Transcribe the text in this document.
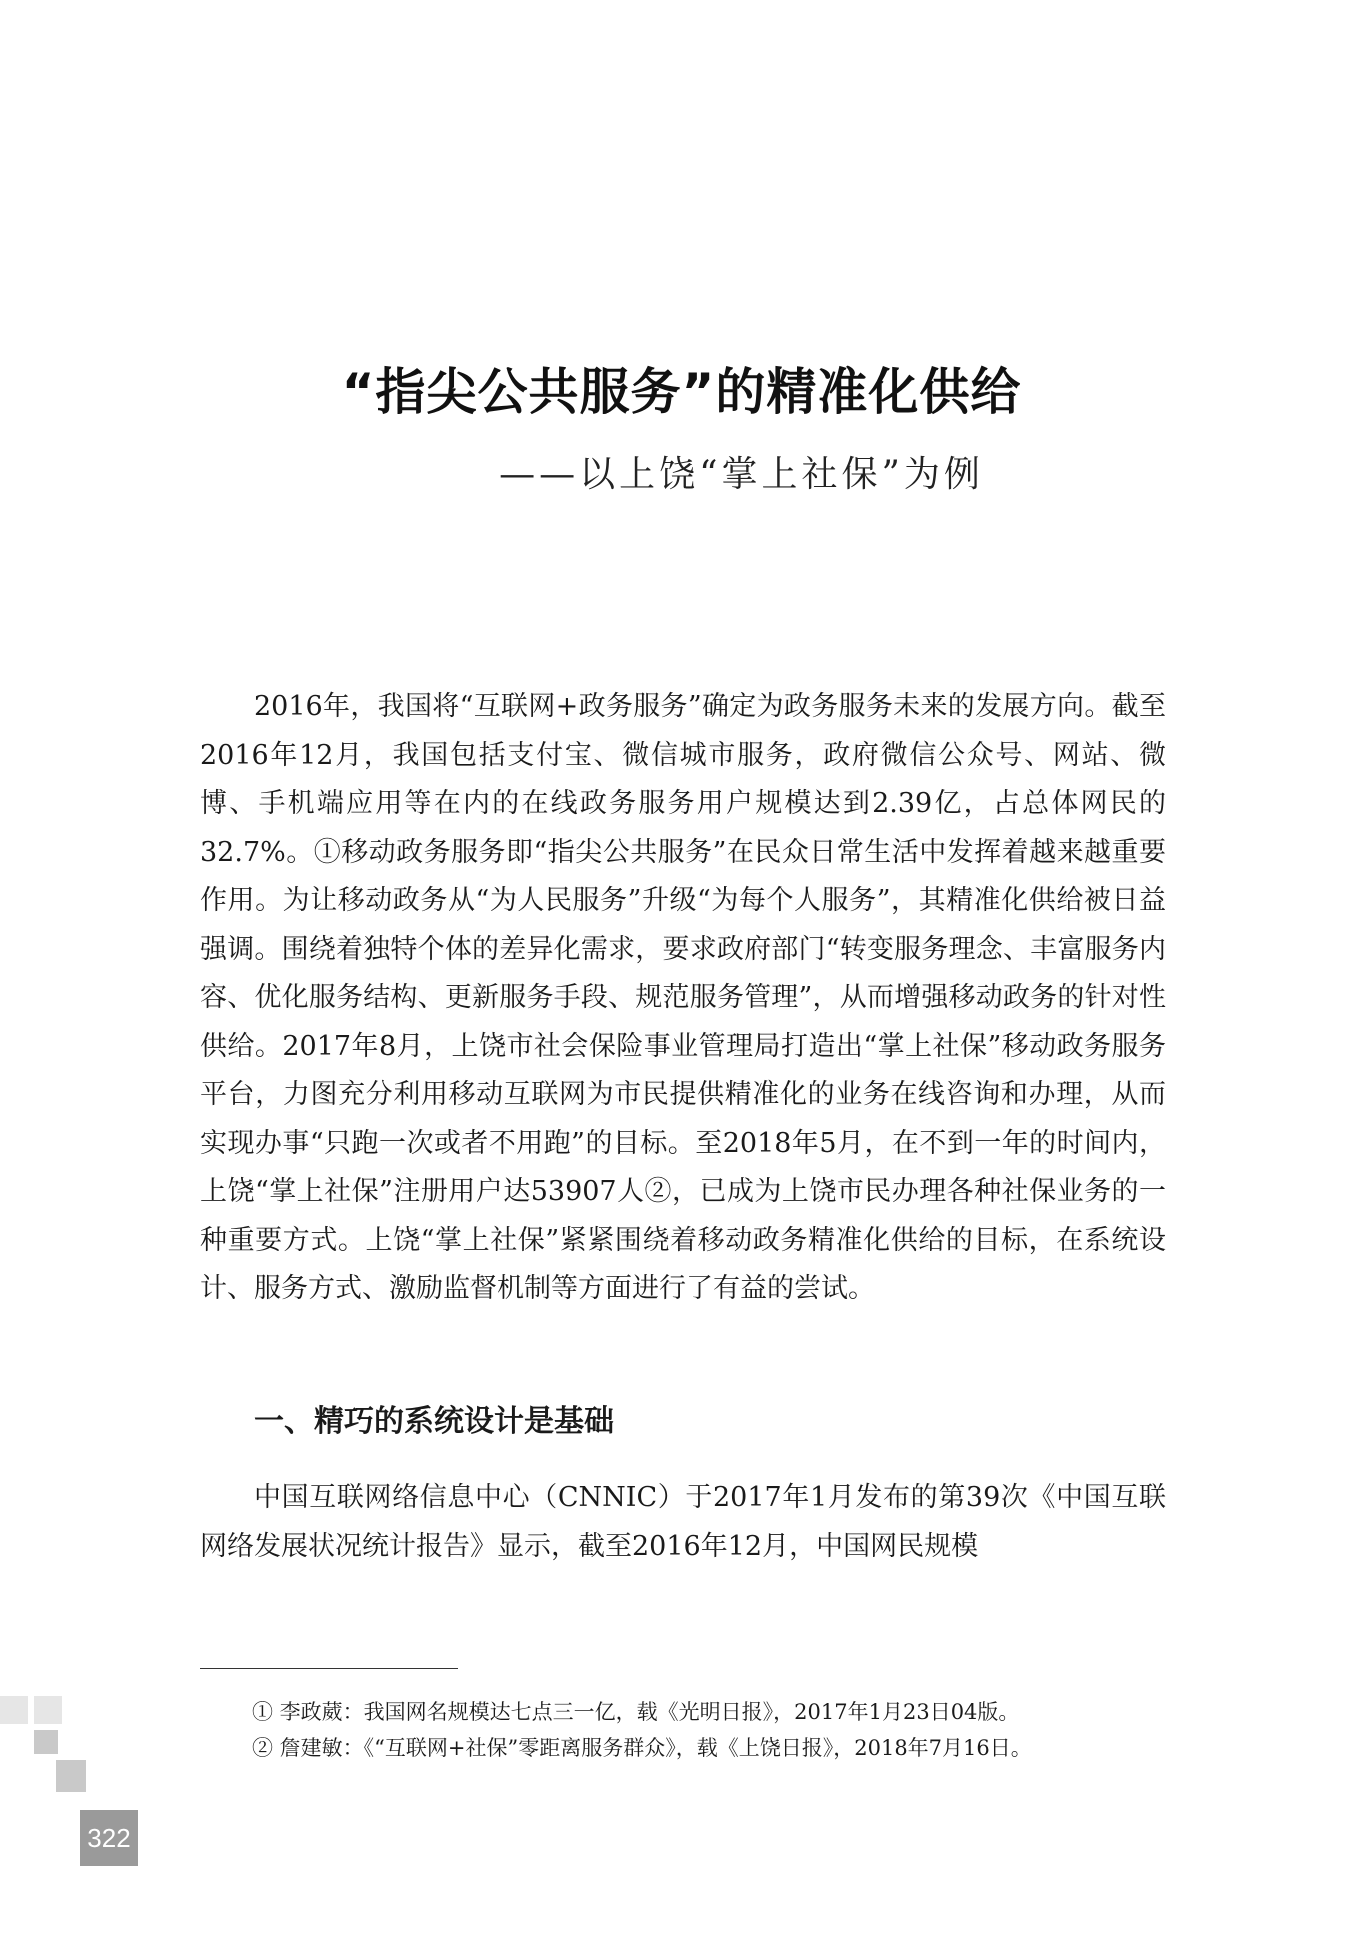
“指尖公共服务”的精准化供给
——以上饶“掌上社保”为例

2016年，我国将“互联网+政务服务”确定为政务服务未来的发展方向。截至2016年12月，我国包括支付宝、微信城市服务，政府微信公众号、网站、微博、手机端应用等在内的在线政务服务用户规模达到2.39亿，占总体网民的32.7%。①移动政务服务即“指尖公共服务”在民众日常生活中发挥着越来越重要作用。为让移动政务从“为人民服务”升级“为每个人服务”，其精准化供给被日益强调。围绕着独特个体的差异化需求，要求政府部门“转变服务理念、丰富服务内容、优化服务结构、更新服务手段、规范服务管理”，从而增强移动政务的针对性供给。2017年8月，上饶市社会保险事业管理局打造出“掌上社保”移动政务服务平台，力图充分利用移动互联网为市民提供精准化的业务在线咨询和办理，从而实现办事“只跑一次或者不用跑”的目标。至2018年5月，在不到一年的时间内，上饶“掌上社保”注册用户达53907人②，已成为上饶市民办理各种社保业务的一种重要方式。上饶“掌上社保”紧紧围绕着移动政务精准化供给的目标，在系统设计、服务方式、激励监督机制等方面进行了有益的尝试。

一、精巧的系统设计是基础

中国互联网络信息中心（CNNIC）于2017年1月发布的第39次《中国互联网络发展状况统计报告》显示，截至2016年12月，中国网民规模

① 李政葳：我国网名规模达七点三一亿，载《光明日报》，2017年1月23日04版。
② 詹建敏：《“互联网+社保”零距离服务群众》，载《上饶日报》，2018年7月16日。
322
